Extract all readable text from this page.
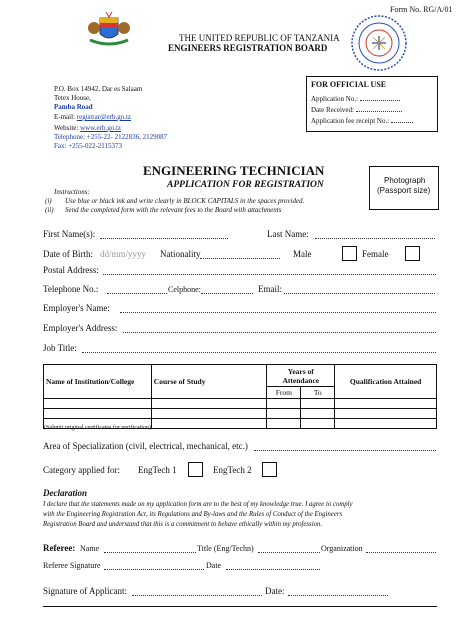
Form No. RG/A/01
THE UNITED REPUBLIC OF TANZANIA
ENGINEERS REGISTRATION BOARD
P.O. Box 14942, Dar es Salaam
Tetex House,
Pamba Road
E-mail: registrar@erb.go.tz
Website: www.erb.go.tz
Telephone: +255-22- 2122836, 2129087
Fax: +255-022-2115373
FOR OFFICIAL USE
Application No.:
Date Received:
Application fee receipt No.:
ENGINEERING TECHNICIAN
APPLICATION FOR REGISTRATION	Photograph
(Passport size)
Instructions:
(i) Use blue or black ink and write clearly in BLOCK CAPITALS in the spaces provided.
(ii) Send the completed form with the relevant fees to the Board with attachments
First Name(s):	Last Name:
Date of Birth: dd/mm/yyyy Nationality	Male	Female
Postal Address:
Telephone No.:	Celphone:	Email:
Employer's Name:
Employer's Address:
Job Title:
Name of Institution/College	Course of Study	Years of Attendance		Qualification Attained
		From	To	

(Submit original certificates for verification)
Area of Specialization (civil, electrical, mechanical, etc.)
Category applied for: EngTech 1	EngTech 2
Declaration
I declare that the statements made on my application form are to the best of my knowledge true. I agree to comply
with the Engineering Registration Act, its Regulations and By-laws and the Rules of Conduct of the Engineers
Registration Board and understand that this is a commitment to behave ethically within my profession.
Referee: Name	Title (Eng/Techn)	Organization
Referee Signature	Date
Signature of Applicant:	Date:
